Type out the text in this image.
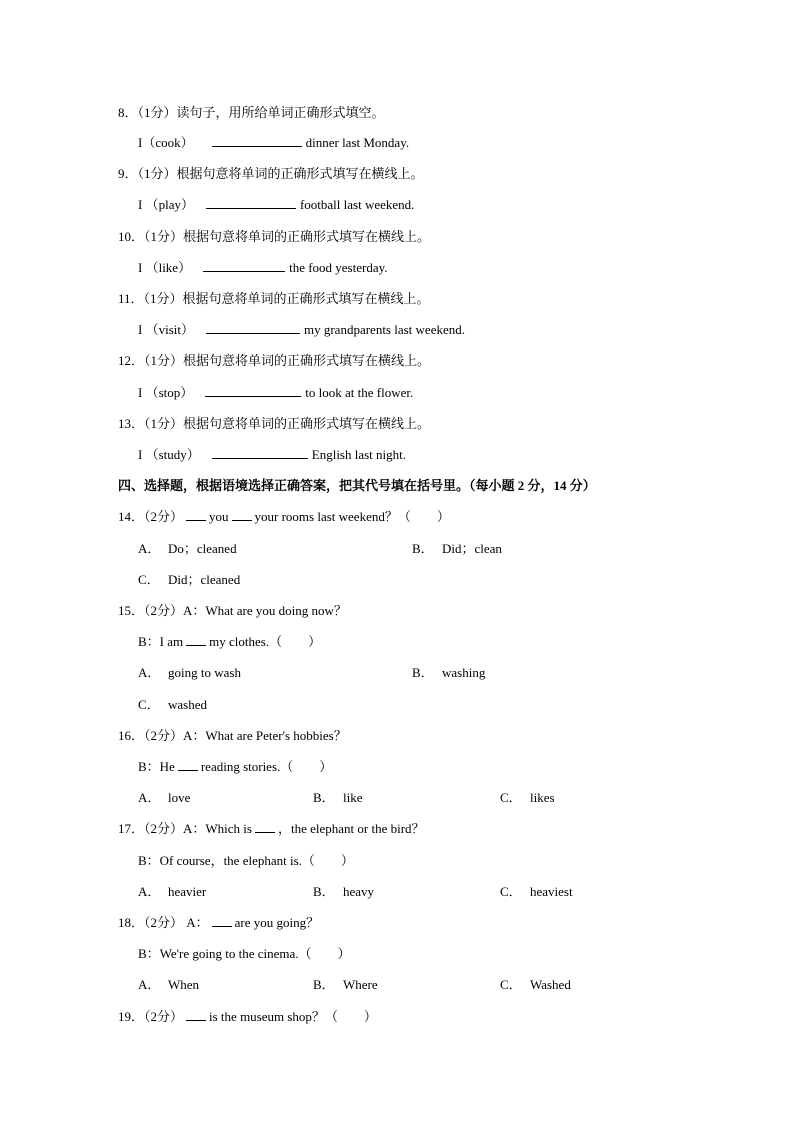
8．（1分）读句子，用所给单词正确形式填空。
I（cook）	dinner last Monday.
9．（1分）根据句意将单词的正确形式填写在横线上。
I （play）	football last weekend.
10．（1分）根据句意将单词的正确形式填写在横线上。
I （like）	the food yesterday.
11．（1分）根据句意将单词的正确形式填写在横线上。
I （visit）	my grandparents last weekend.
12．（1分）根据句意将单词的正确形式填写在横线上。
I （stop）	to look at the flower.
13．（1分）根据句意将单词的正确形式填写在横线上。
I （study）	English last night.
四、选择题，根据语境选择正确答案，把其代号填在括号里。（每小题 2 分，14 分）
14．（2分） you your rooms last weekend？（　　）
A． Do；cleaned	B． Did；clean
C． Did；cleaned
15．（2分）A：What are you doing now？
B：I am my clothes.（　　）
A． going to wash	B． washing
C． washed
16．（2分）A：What are Peter's hobbies？
B：He reading stories.（　　）
A． love	B． like	C． likes
17．（2分）A：Which is ，the elephant or the bird？
B：Of course，the elephant is.（　　）
A． heavier	B． heavy	C． heaviest
18．（2分） A： are you going？
B：We're going to the cinema.（　　）
A． When	B． Where	C． Washed
19．（2分） is the museum shop？（　　）
